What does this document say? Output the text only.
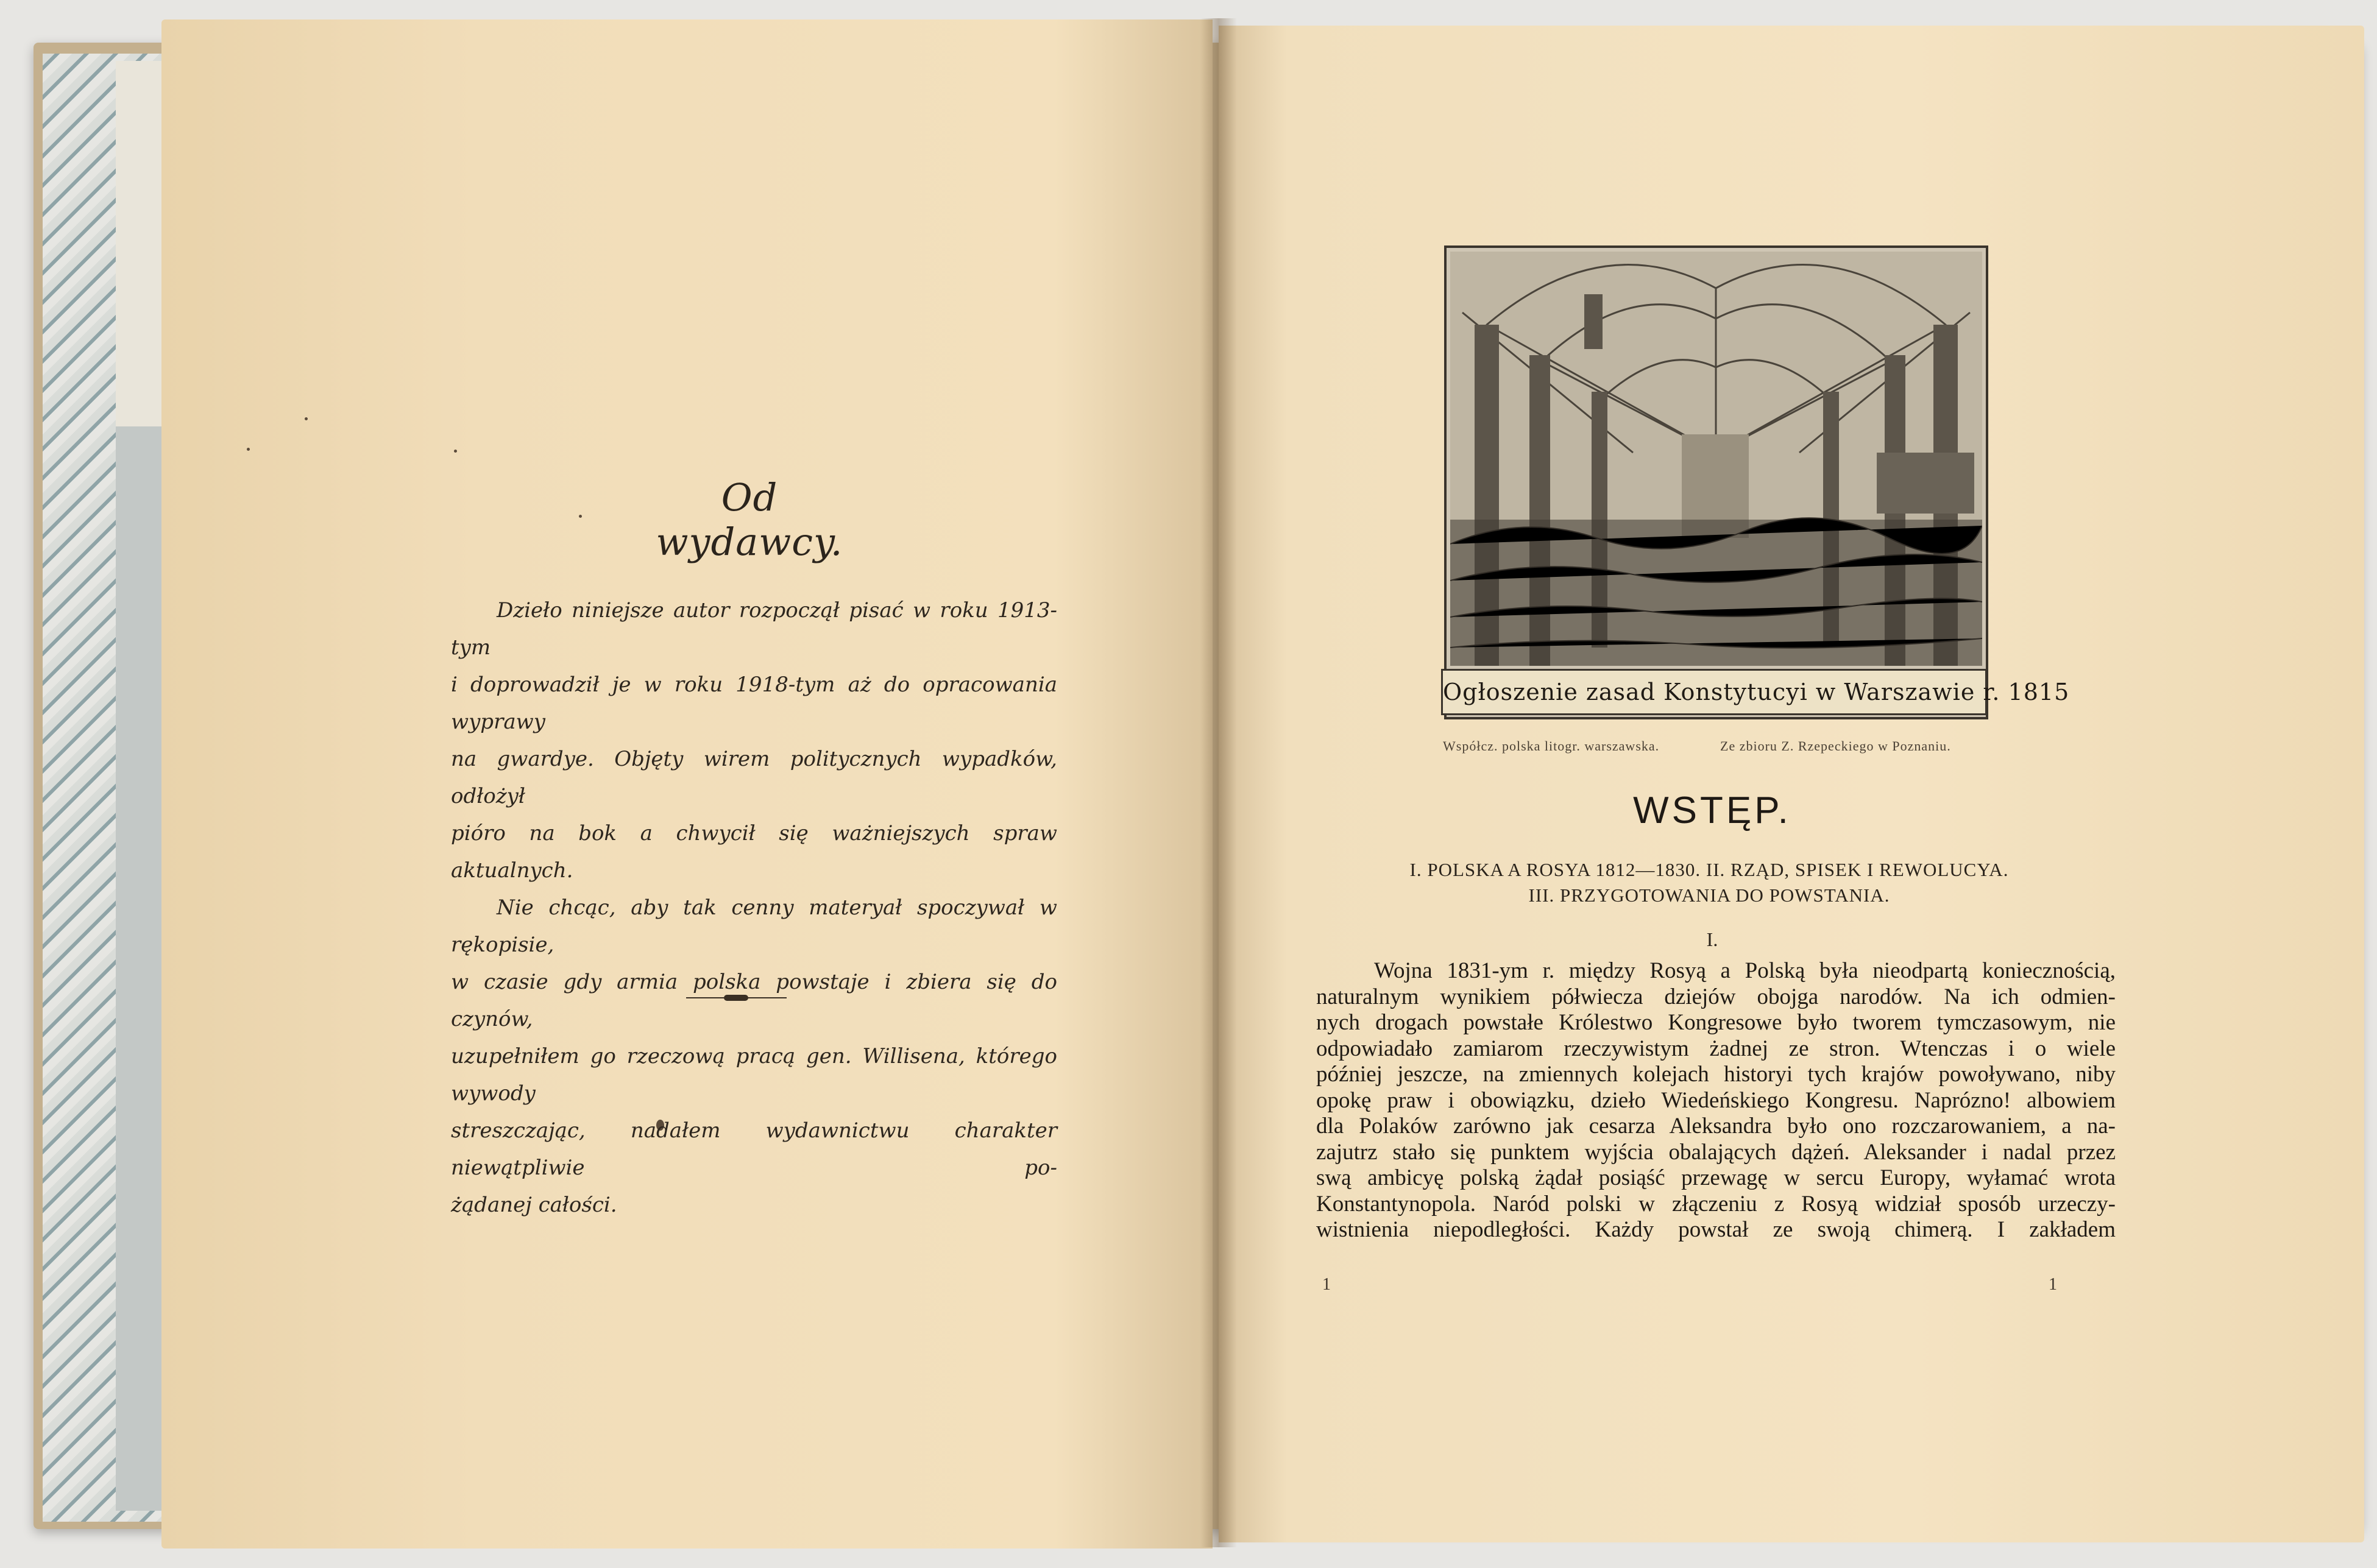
Od wydawcy.
Dzieło niniejsze autor rozpoczął pisać w roku 1913-tym
i doprowadził je w roku 1918-tym aż do opracowania wyprawy
na gwardye. Objęty wirem politycznych wypadków, odłożył
pióro na bok a chwycił się ważniejszych spraw aktualnych.
Nie chcąc, aby tak cenny materyał spoczywał w rękopisie,
w czasie gdy armia polska powstaje i zbiera się do czynów,
uzupełniłem go rzeczową pracą gen. Willisena, którego wywody
streszczając, nadałem wydawnictwu charakter niewątpliwie po-
żądanej całości.
Ogłoszenie zasad Konstytucyi w Warszawie r. 1815
Współcz. polska litogr. warszawska.	Ze zbioru Z. Rzepeckiego w Poznaniu.
WSTĘP.
I. POLSKA A ROSYA 1812—1830. II. RZĄD, SPISEK I REWOLUCYA.
III. PRZYGOTOWANIA DO POWSTANIA.
I.
Wojna 1831-ym r. między Rosyą a Polską była nieodpartą koniecznością,
naturalnym wynikiem półwiecza dziejów obojga narodów. Na ich odmien-
nych drogach powstałe Królestwo Kongresowe było tworem tymczasowym, nie
odpowiadało zamiarom rzeczywistym żadnej ze stron. Wtenczas i o wiele
później jeszcze, na zmiennych kolejach historyi tych krajów powoływano, niby
opokę praw i obowiązku, dzieło Wiedeńskiego Kongresu. Naprózno! albowiem
dla Polaków zarówno jak cesarza Aleksandra było ono rozczarowaniem, a na-
zajutrz stało się punktem wyjścia obalających dążeń. Aleksander i nadal przez
swą ambicyę polską żądał posiąść przewagę w sercu Europy, wyłamać wrota
Konstantynopola. Naród polski w złączeniu z Rosyą widział sposób urzeczy-
wistnienia niepodległości. Każdy powstał ze swoją chimerą. I zakładem
1	1
